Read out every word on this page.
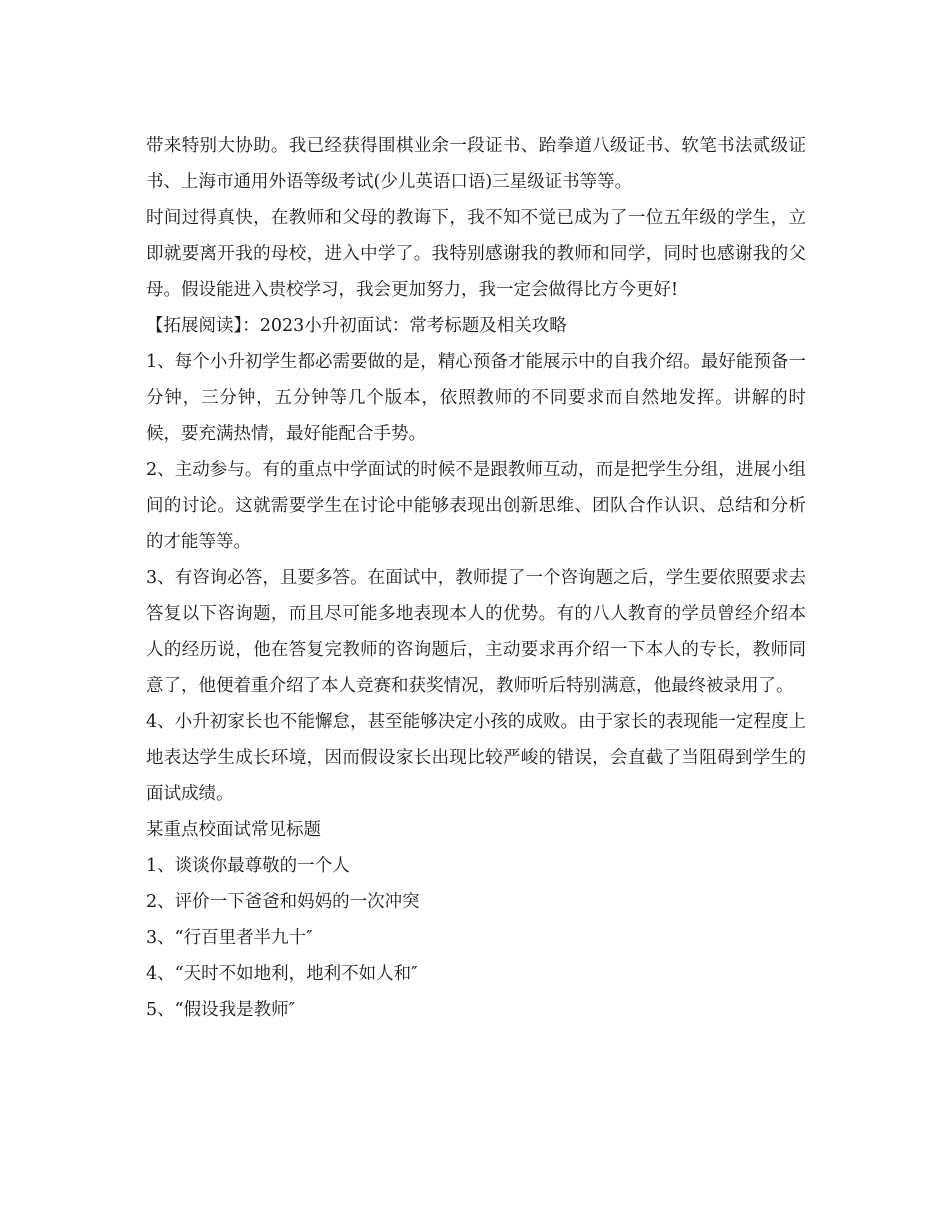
带来特别大协助。我已经获得围棋业余一段证书、跆拳道八级证书、软笔书法贰级证书、上海市通用外语等级考试(少儿英语口语)三星级证书等等。

时间过得真快，在教师和父母的教诲下，我不知不觉已成为了一位五年级的学生，立即就要离开我的母校，进入中学了。我特别感谢我的教师和同学，同时也感谢我的父母。假设能进入贵校学习，我会更加努力，我一定会做得比方今更好!

【拓展阅读】：2023小升初面试：常考标题及相关攻略

1、每个小升初学生都必需要做的是，精心预备才能展示中的自我介绍。最好能预备一分钟，三分钟，五分钟等几个版本，依照教师的不同要求而自然地发挥。讲解的时候，要充满热情，最好能配合手势。

2、主动参与。有的重点中学面试的时候不是跟教师互动，而是把学生分组，进展小组间的讨论。这就需要学生在讨论中能够表现出创新思维、团队合作认识、总结和分析的才能等等。

3、有咨询必答，且要多答。在面试中，教师提了一个咨询题之后，学生要依照要求去答复以下咨询题，而且尽可能多地表现本人的优势。有的八人教育的学员曾经介绍本人的经历说，他在答复完教师的咨询题后，主动要求再介绍一下本人的专长，教师同意了，他便着重介绍了本人竞赛和获奖情况，教师听后特别满意，他最终被录用了。

4、小升初家长也不能懈怠，甚至能够决定小孩的成败。由于家长的表现能一定程度上地表达学生成长环境，因而假设家长出现比较严峻的错误，会直截了当阻碍到学生的面试成绩。

某重点校面试常见标题

1、谈谈你最尊敬的一个人

2、评价一下爸爸和妈妈的一次冲突

3、“行百里者半九十″

4、“天时不如地利，地利不如人和″

5、“假设我是教师″
